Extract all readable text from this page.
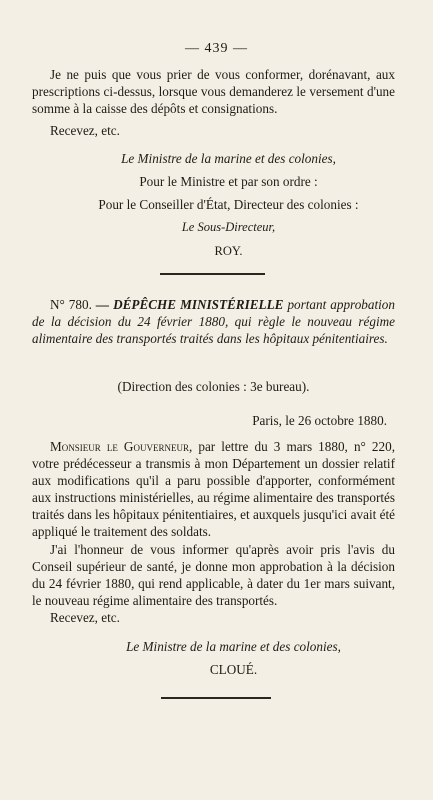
— 439 —

Je ne puis que vous prier de vous conformer, dorénavant, aux prescriptions ci-dessus, lorsque vous demanderez le versement d'une somme à la caisse des dépôts et consignations.

Recevez, etc.

Le Ministre de la marine et des colonies,

Pour le Ministre et par son ordre :

Pour le Conseiller d'État, Directeur des colonies :

Le Sous-Directeur,

ROY.

N° 780. — DÉPÊCHE MINISTÉRIELLE portant approbation de la décision du 24 février 1880, qui règle le nouveau régime alimentaire des transportés traités dans les hôpitaux pénitentiaires.

(Direction des colonies : 3e bureau).

Paris, le 26 octobre 1880.

Monsieur le Gouverneur, par lettre du 3 mars 1880, n° 220, votre prédécesseur a transmis à mon Département un dossier relatif aux modifications qu'il a paru possible d'apporter, conformément aux instructions ministérielles, au régime alimentaire des transportés traités dans les hôpitaux pénitentiaires, et auxquels jusqu'ici avait été appliqué le traitement des soldats.

J'ai l'honneur de vous informer qu'après avoir pris l'avis du Conseil supérieur de santé, je donne mon approbation à la décision du 24 février 1880, qui rend applicable, à dater du 1er mars suivant, le nouveau régime alimentaire des transportés.

Recevez, etc.

Le Ministre de la marine et des colonies,

CLOUÉ.
